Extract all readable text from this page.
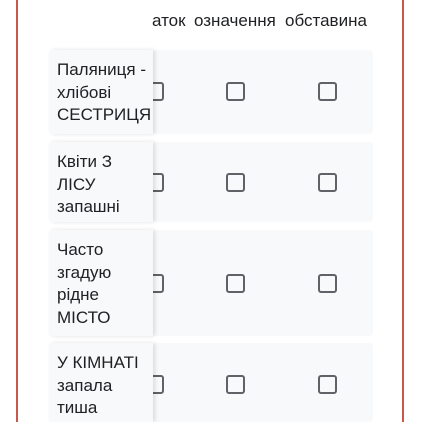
аток означення обставина
Паляниця - хлібові СЕСТРИЦЯ
Квіти З ЛІСУ запашні
Часто згадую рідне МІСТО
У КІМНАТІ запала тиша
